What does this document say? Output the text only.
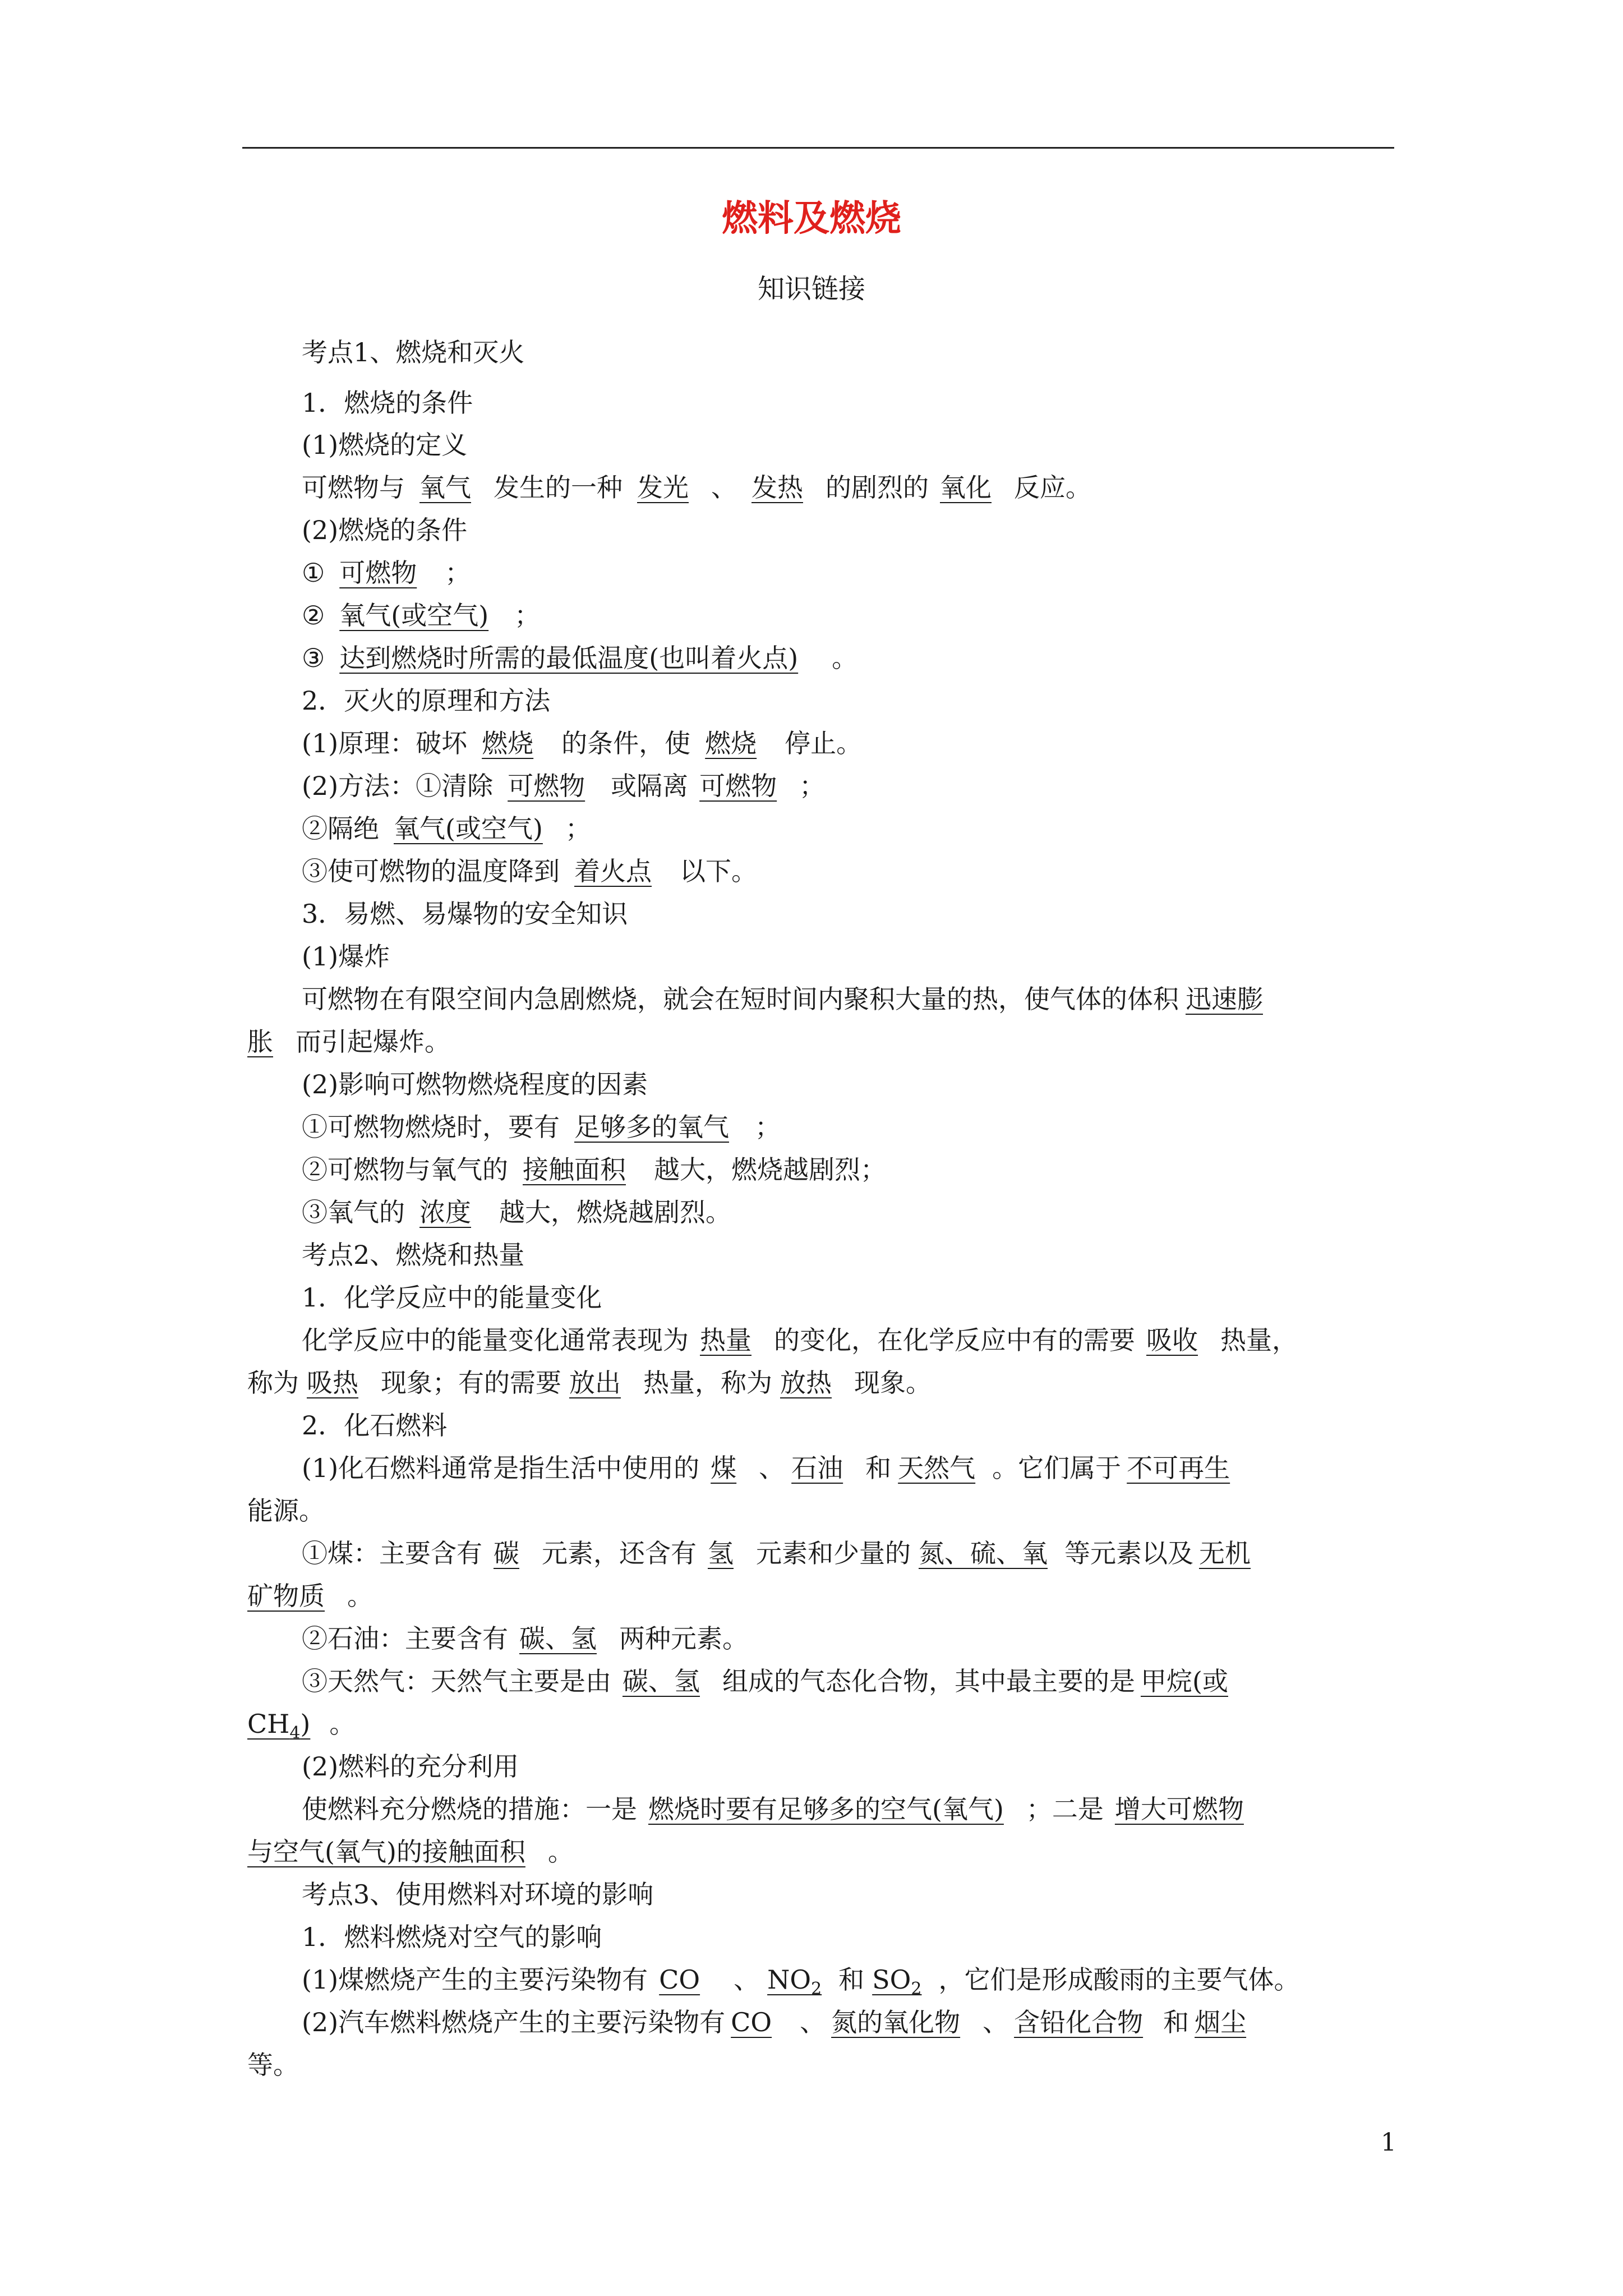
燃料及燃烧
知识链接
考点1、燃烧和灭火
1．燃烧的条件
(1)燃烧的定义
可燃物与 氧气 发生的一种 发光 、 发热 的剧烈的 氧化 反应。
(2)燃烧的条件
① 可燃物 ；
② 氧气(或空气) ；
③ 达到燃烧时所需的最低温度(也叫着火点) 。
2．灭火的原理和方法
(1)原理：破坏 燃烧 的条件，使 燃烧 停止。
(2)方法：①清除 可燃物 或隔离 可燃物 ；
②隔绝 氧气(或空气) ；
③使可燃物的温度降到 着火点 以下。
3．易燃、易爆物的安全知识
(1)爆炸
可燃物在有限空间内急剧燃烧，就会在短时间内聚积大量的热，使气体的体积 迅速膨
胀 而引起爆炸。
(2)影响可燃物燃烧程度的因素
①可燃物燃烧时，要有 足够多的氧气 ；
②可燃物与氧气的 接触面积 越大，燃烧越剧烈；
③氧气的 浓度 越大，燃烧越剧烈。
考点2、燃烧和热量
1．化学反应中的能量变化
化学反应中的能量变化通常表现为 热量 的变化，在化学反应中有的需要 吸收 热量，
称为 吸热 现象；有的需要 放出 热量，称为 放热 现象。
2．化石燃料
(1)化石燃料通常是指生活中使用的 煤 、 石油 和 天然气 。它们属于 不可再生
能源。
①煤：主要含有 碳 元素，还含有 氢 元素和少量的 氮、硫、氧 等元素以及 无机
矿物质 。
②石油：主要含有 碳、氢 两种元素。
③天然气：天然气主要是由 碳、氢 组成的气态化合物，其中最主要的是 甲烷(或
$CH_4$) 。
(2)燃料的充分利用
使燃料充分燃烧的措施：一是 燃烧时要有足够多的空气(氧气) ；二是 增大可燃物
与空气(氧气)的接触面积 。
考点3、使用燃料对环境的影响
1．燃料燃烧对空气的影响
(1)煤燃烧产生的主要污染物有 CO 、 $NO_2$ 和 $SO_2$ ，它们是形成酸雨的主要气体。
(2)汽车燃料燃烧产生的主要污染物有 CO 、 氮的氧化物 、 含铅化合物 和 烟尘
等。
1
